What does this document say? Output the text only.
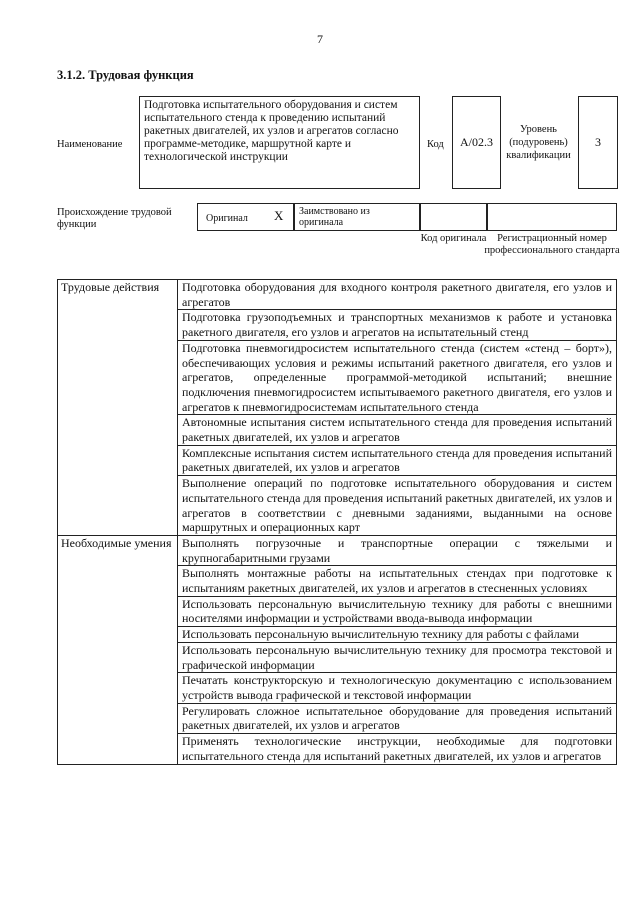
7
3.1.2. Трудовая функция
Наименование
Подготовка испытательного оборудования и систем испытательного стенда к проведению испытаний ракетных двигателей, их узлов и агрегатов согласно программе-методике, маршрутной карте и технологической инструкции
Код	A/02.3
Уровень (подуровень) квалификации
3
Происхождение трудовой функции
Оригинал X	Заимствовано из оригинала
Код оригинала	Регистрационный номер профессионального стандарта
Трудовые действия	Подготовка оборудования для входного контроля ракетного двигателя, его узлов и агрегатов
	Подготовка грузоподъемных и транспортных механизмов к работе и установка ракетного двигателя, его узлов и агрегатов на испытательный стенд
	Подготовка пневмогидросистем испытательного стенда (систем «стенд – борт»), обеспечивающих условия и режимы испытаний ракетного двигателя, его узлов и агрегатов, определенные программой-методикой испытаний; внешние подключения пневмогидросистем испытываемого ракетного двигателя, его узлов и агрегатов к пневмогидросистемам испытательного стенда
	Автономные испытания систем испытательного стенда для проведения испытаний ракетных двигателей, их узлов и агрегатов
	Комплексные испытания систем испытательного стенда для проведения испытаний ракетных двигателей, их узлов и агрегатов
	Выполнение операций по подготовке испытательного оборудования и систем испытательного стенда для проведения испытаний ракетных двигателей, их узлов и агрегатов в соответствии с дневными заданиями, выданными на основе маршрутных и операционных карт
Необходимые умения	Выполнять погрузочные и транспортные операции с тяжелыми и крупногабаритными грузами
	Выполнять монтажные работы на испытательных стендах при подготовке к испытаниям ракетных двигателей, их узлов и агрегатов в стесненных условиях
	Использовать персональную вычислительную технику для работы с внешними носителями информации и устройствами ввода-вывода информации
	Использовать персональную вычислительную технику для работы с файлами
	Использовать персональную вычислительную технику для просмотра текстовой и графической информации
	Печатать конструкторскую и технологическую документацию с использованием устройств вывода графической и текстовой информации
	Регулировать сложное испытательное оборудование для проведения испытаний ракетных двигателей, их узлов и агрегатов
	Применять технологические инструкции, необходимые для подготовки испытательного стенда для испытаний ракетных двигателей, их узлов и агрегатов
